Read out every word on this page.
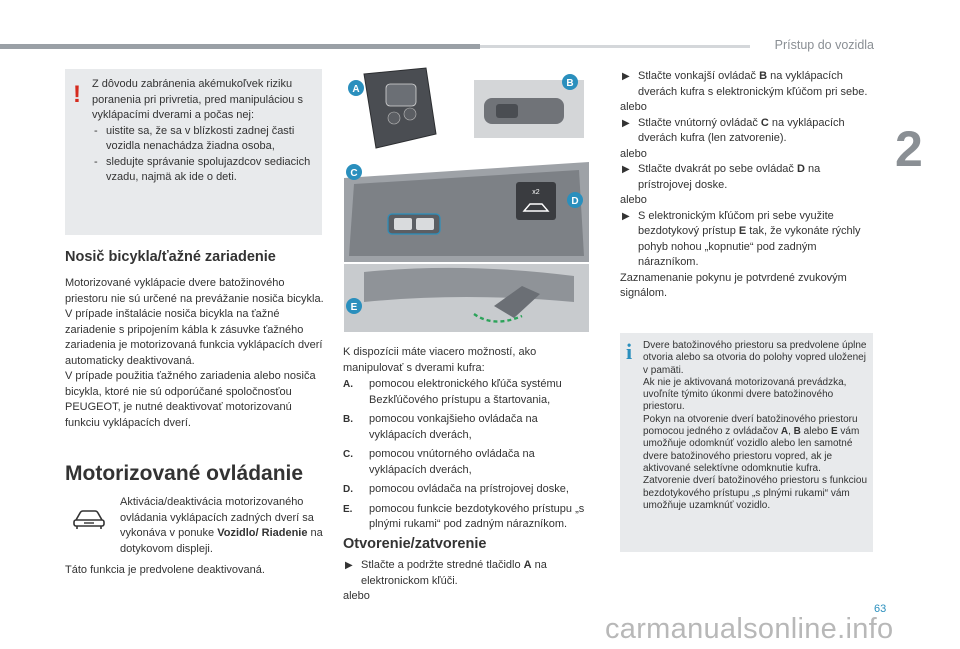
Prístup do vozidla
2
63
carmanualsonline.info
! Z dôvodu zabránenia akémukoľvek riziku poranenia pri privretia, pred manipuláciou s vyklápacími dverami a počas nej:

- uistite sa, že sa v blízkosti zadnej časti vozidla nenachádza žiadna osoba,
- sledujte správanie spolujazdcov sediacich vzadu, najmä ak ide o deti.
Nosič bicykla/ťažné zariadenie

Motorizované vyklápacie dvere batožinového priestoru nie sú určené na prevážanie nosiča bicykla.

V prípade inštalácie nosiča bicykla na ťažné zariadenie s pripojením kábla k zásuvke ťažného zariadenia je motorizovaná funkcia vyklápacích dverí automaticky deaktivovaná.

V prípade použitia ťažného zariadenia alebo nosiča bicykla, ktoré nie sú odporúčané spoločnosťou PEUGEOT, je nutné deaktivovať motorizovanú funkciu vyklápacích dverí.

Motorizované ovládanie
Aktivácia/deaktivácia motorizovaného ovládania vyklápacích zadných dverí sa vykonáva v ponuke Vozidlo/ Riadenie na dotykovom displeji.
Táto funkcia je predvolene deaktivovaná.
x2
A
B
C
D
E

K dispozícii máte viacero možností, ako manipulovať s dverami kufra:

A. pomocou elektronického kľúča systému Bezkľúčového prístupu a štartovania,
B. pomocou vonkajšieho ovládača na vyklápacích dverách,
C. pomocou vnútorného ovládača na vyklápacích dverách,
D. pomocou ovládača na prístrojovej doske,
E. pomocou funkcie bezdotykového prístupu „s plnými rukami“ pod zadným nárazníkom.
Otvorenie/zatvorenie
▶ Stlačte a podržte stredné tlačidlo A na elektronickom kľúči.

alebo

▶ Stlačte vonkajší ovládač B na vyklápacích dverách kufra s elektronickým kľúčom pri sebe.

alebo

▶ Stlačte vnútorný ovládač C na vyklápacích dverách kufra (len zatvorenie).

alebo

▶ Stlačte dvakrát po sebe ovládač D na prístrojovej doske.

alebo

▶ S elektronickým kľúčom pri sebe využite bezdotykový prístup E tak, že vykonáte rýchly pohyb nohou „kopnutie“ pod zadným nárazníkom.

Zaznamenanie pokynu je potvrdené zvukovým signálom.

i Dvere batožinového priestoru sa predvolene úplne otvoria alebo sa otvoria do polohy vopred uloženej v pamäti.

Ak nie je aktivovaná motorizovaná prevádzka, uvoľníte týmito úkonmi dvere batožinového priestoru.

Pokyn na otvorenie dverí batožinového priestoru pomocou jedného z ovládačov A, B alebo E vám umožňuje odomknúť vozidlo alebo len samotné dvere batožinového priestoru vopred, ak je aktivované selektívne odomknutie kufra.

Zatvorenie dverí batožinového priestoru s funkciou bezdotykového prístupu „s plnými rukami“ vám umožňuje uzamknúť vozidlo.
